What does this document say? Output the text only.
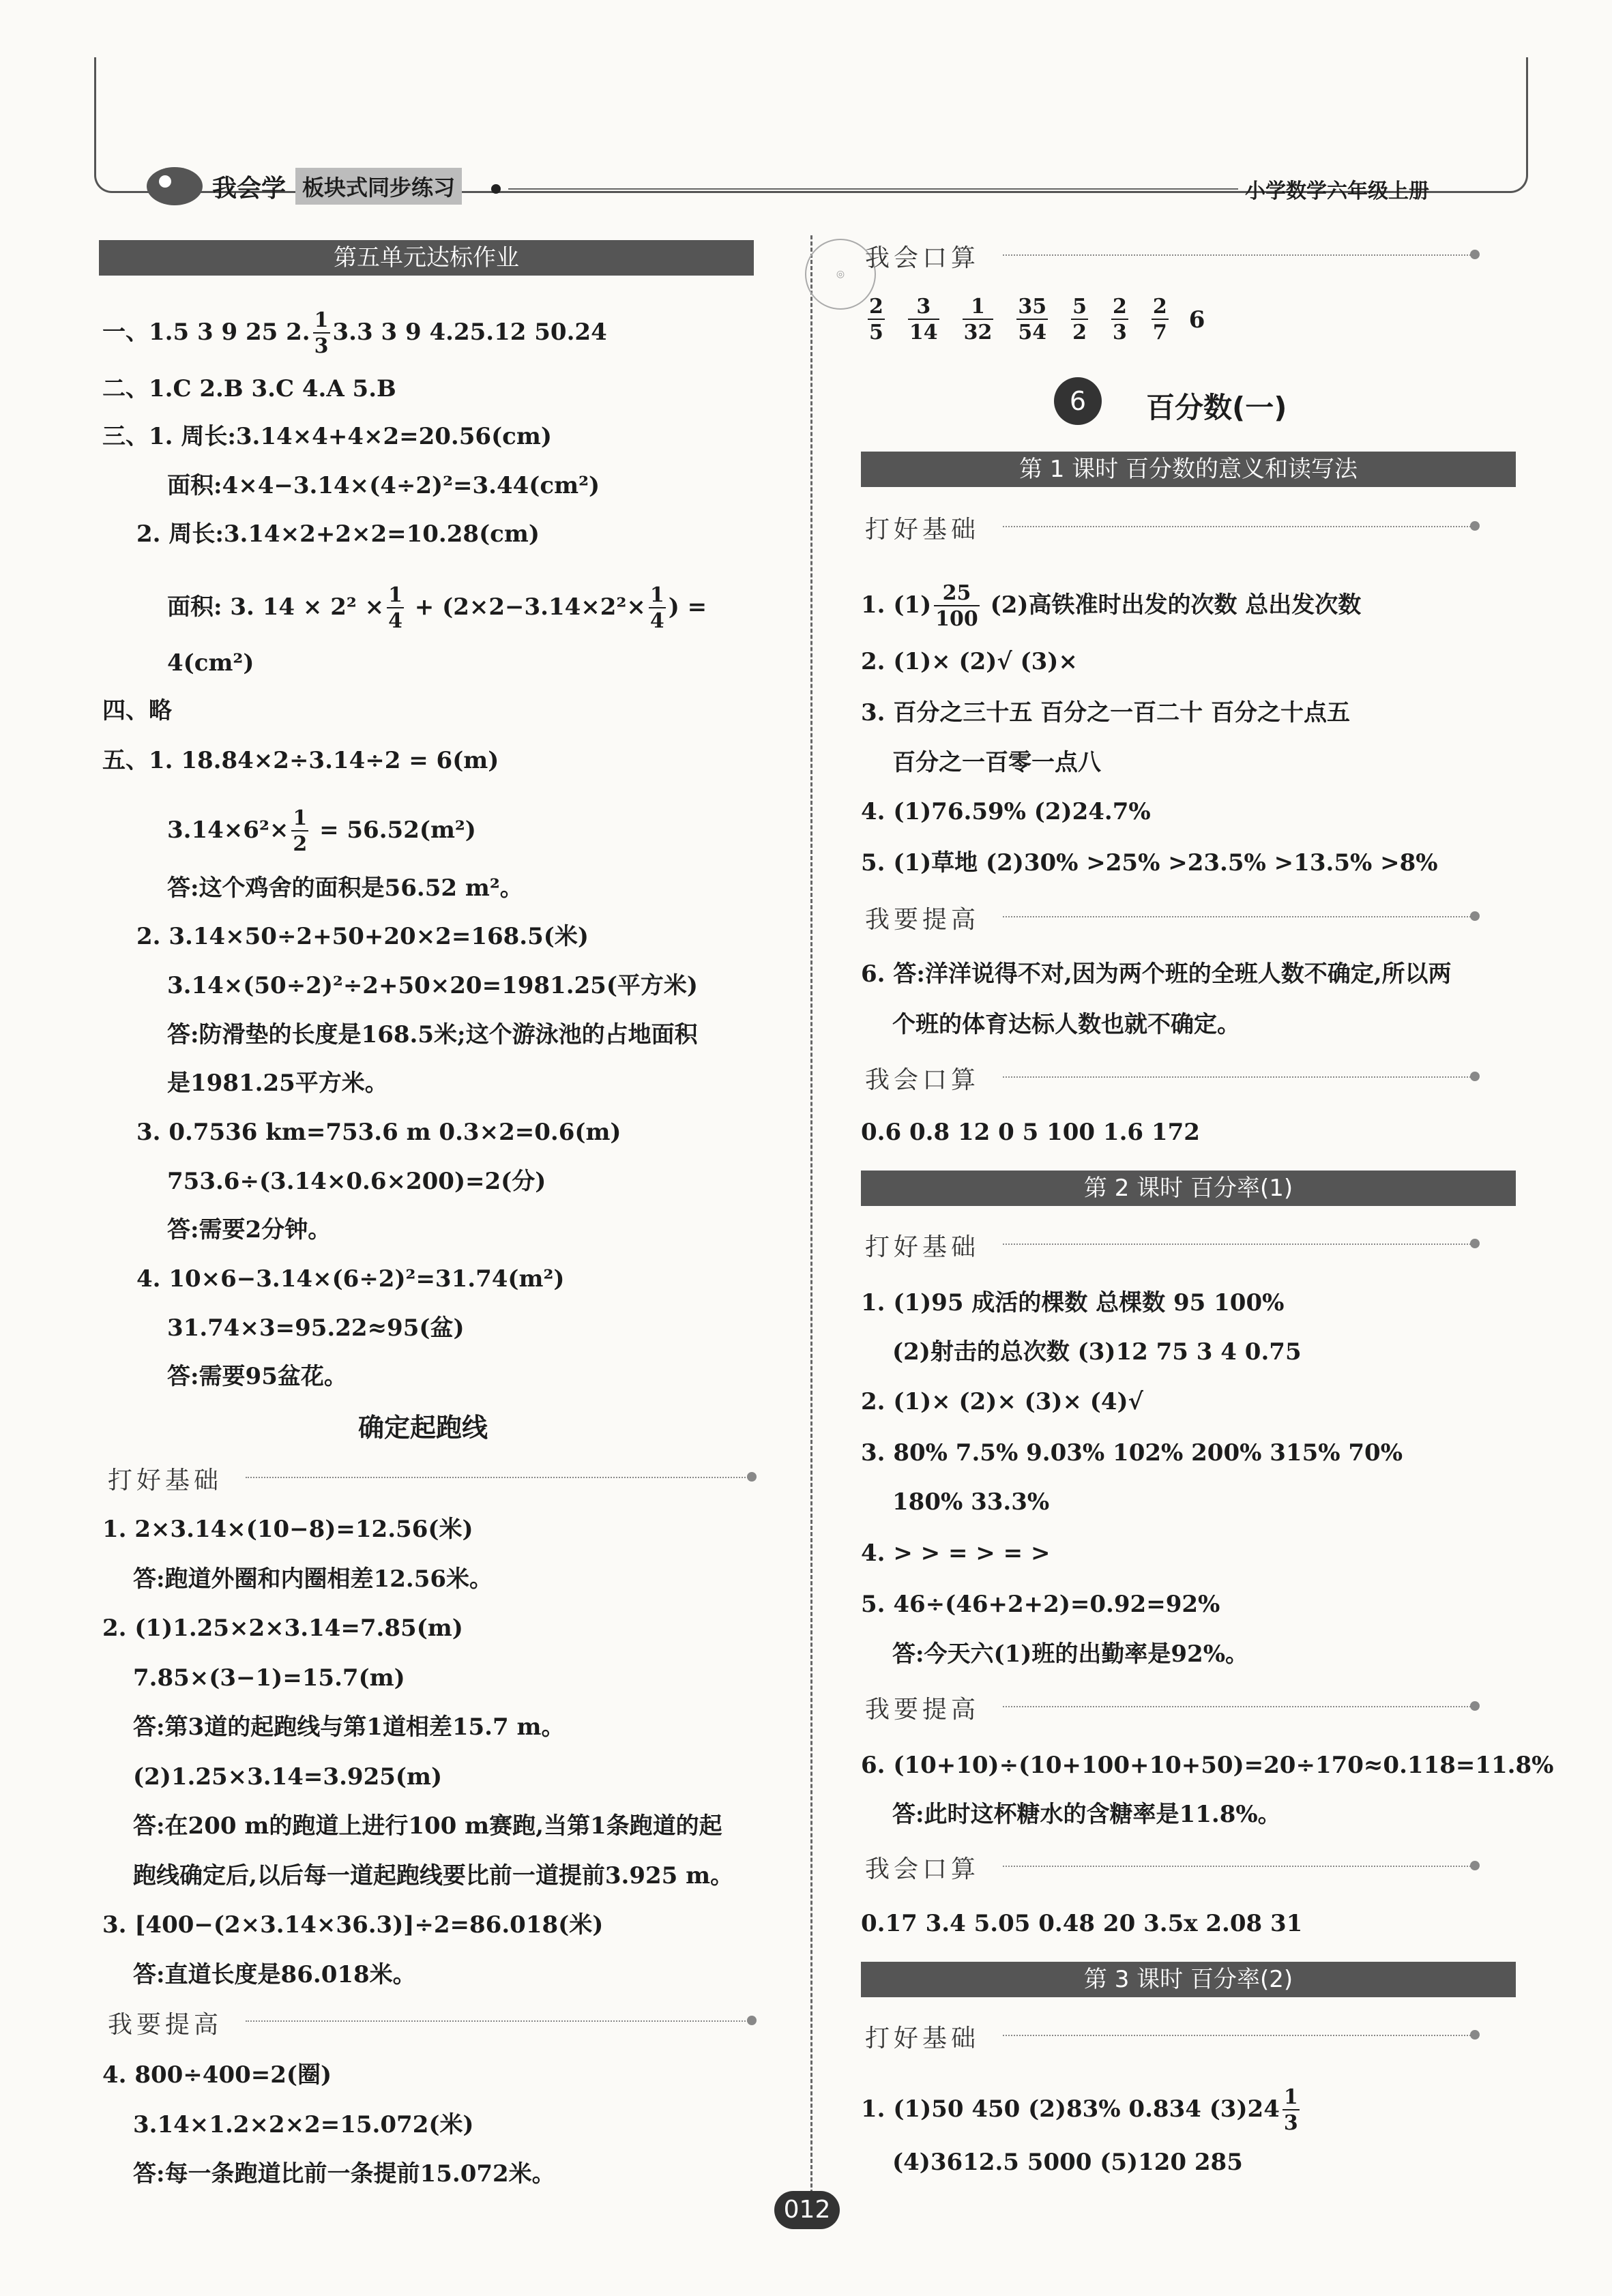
我会学 板块式同步练习	小学数学六年级上册
第五单元达标作业
一、1.5 3 9 25 2. $\frac{1}{3} 3.3$ 3 9 4.25.12 50.24
二、1.C 2.B 3.C 4.A 5.B
三、1. 周长:3.14×4+4×2=20.56(cm)
面积:4×4−3.14×(4÷2)²=3.44(cm²)
2. 周长:3.14×2+2×2=10.28(cm)
面积: 3. $14 \times 2^2 \times \frac{1}{4} + (2\times 2-3.14\times 2^2\times \frac{1}{4}$ ) =
4(cm²)
四、略
五、1. 18.84×2÷3.14÷2 = 6(m)
$3.14\times 6^2\times \frac{1}{2} = 56.52(m^2)$
答:这个鸡舍的面积是56.52 m²。
2. 3.14×50÷2+50+20×2=168.5(米)
3.14×(50÷2)²÷2+50×20=1981.25(平方米)
答:防滑垫的长度是168.5米;这个游泳池的占地面积
是1981.25平方米。
3. 0.7536 km=753.6 m 0.3×2=0.6(m)
753.6÷(3.14×0.6×200)=2(分)
答:需要2分钟。
4. 10×6−3.14×(6÷2)²=31.74(m²)
31.74×3=95.22≈95(盆)
答:需要95盆花。
确定起跑线
打好基础
1. 2×3.14×(10−8)=12.56(米)
答:跑道外圈和内圈相差12.56米。
2. (1)1.25×2×3.14=7.85(m)
7.85×(3−1)=15.7(m)
答:第3道的起跑线与第1道相差15.7 m。
(2)1.25×3.14=3.925(m)
答:在200 m的跑道上进行100 m赛跑,当第1条跑道的起
跑线确定后,以后每一道起跑线要比前一道提前3.925 m。
3. [400−(2×3.14×36.3)]÷2=86.018(米)
答:直道长度是86.018米。
我要提高
4. 800÷400=2(圈)
3.14×1.2×2×2=15.072(米)
答:每一条跑道比前一条提前15.072米。
◎
我会口算
$\frac{2}{5} \frac{3}{14} \frac{1}{32} \frac{35}{54} \frac{5}{2} \frac{2}{3} \frac{2}{7} 6$
6	百分数(一)
第 1 课时 百分数的意义和读写法
打好基础
1. $(1) \frac{25}{100} (2)$高铁准时出发的次数 总出发次数
2. (1)× (2)√ (3)×
3. 百分之三十五 百分之一百二十 百分之十点五
百分之一百零一点八
4. (1)76.59% (2)24.7%
5. (1)草地 (2)30% >25% >23.5% >13.5% >8%
我要提高
6. 答:洋洋说得不对,因为两个班的全班人数不确定,所以两
个班的体育达标人数也就不确定。
我会口算
0.6 0.8 12 0 5 100 1.6 172
第 2 课时 百分率(1)
打好基础
1. (1)95 成活的棵数 总棵数 95 100%
(2)射击的总次数 (3)12 75 3 4 0.75
2. (1)× (2)× (3)× (4)√
3. 80% 7.5% 9.03% 102% 200% 315% 70%
180% 33.3%
4. > > = > = >
5. 46÷(46+2+2)=0.92=92%
答:今天六(1)班的出勤率是92%。
我要提高
6. (10+10)÷(10+100+10+50)=20÷170≈0.118=11.8%
答:此时这杯糖水的含糖率是11.8%。
我会口算
0.17 3.4 5.05 0.48 20 3.5x 2.08 31
第 3 课时 百分率(2)
打好基础
1. (1)50 450 (2)83% 0.834 $(3)24 \frac{1}{3}$
(4)3612.5 5000 (5)120 285
012
